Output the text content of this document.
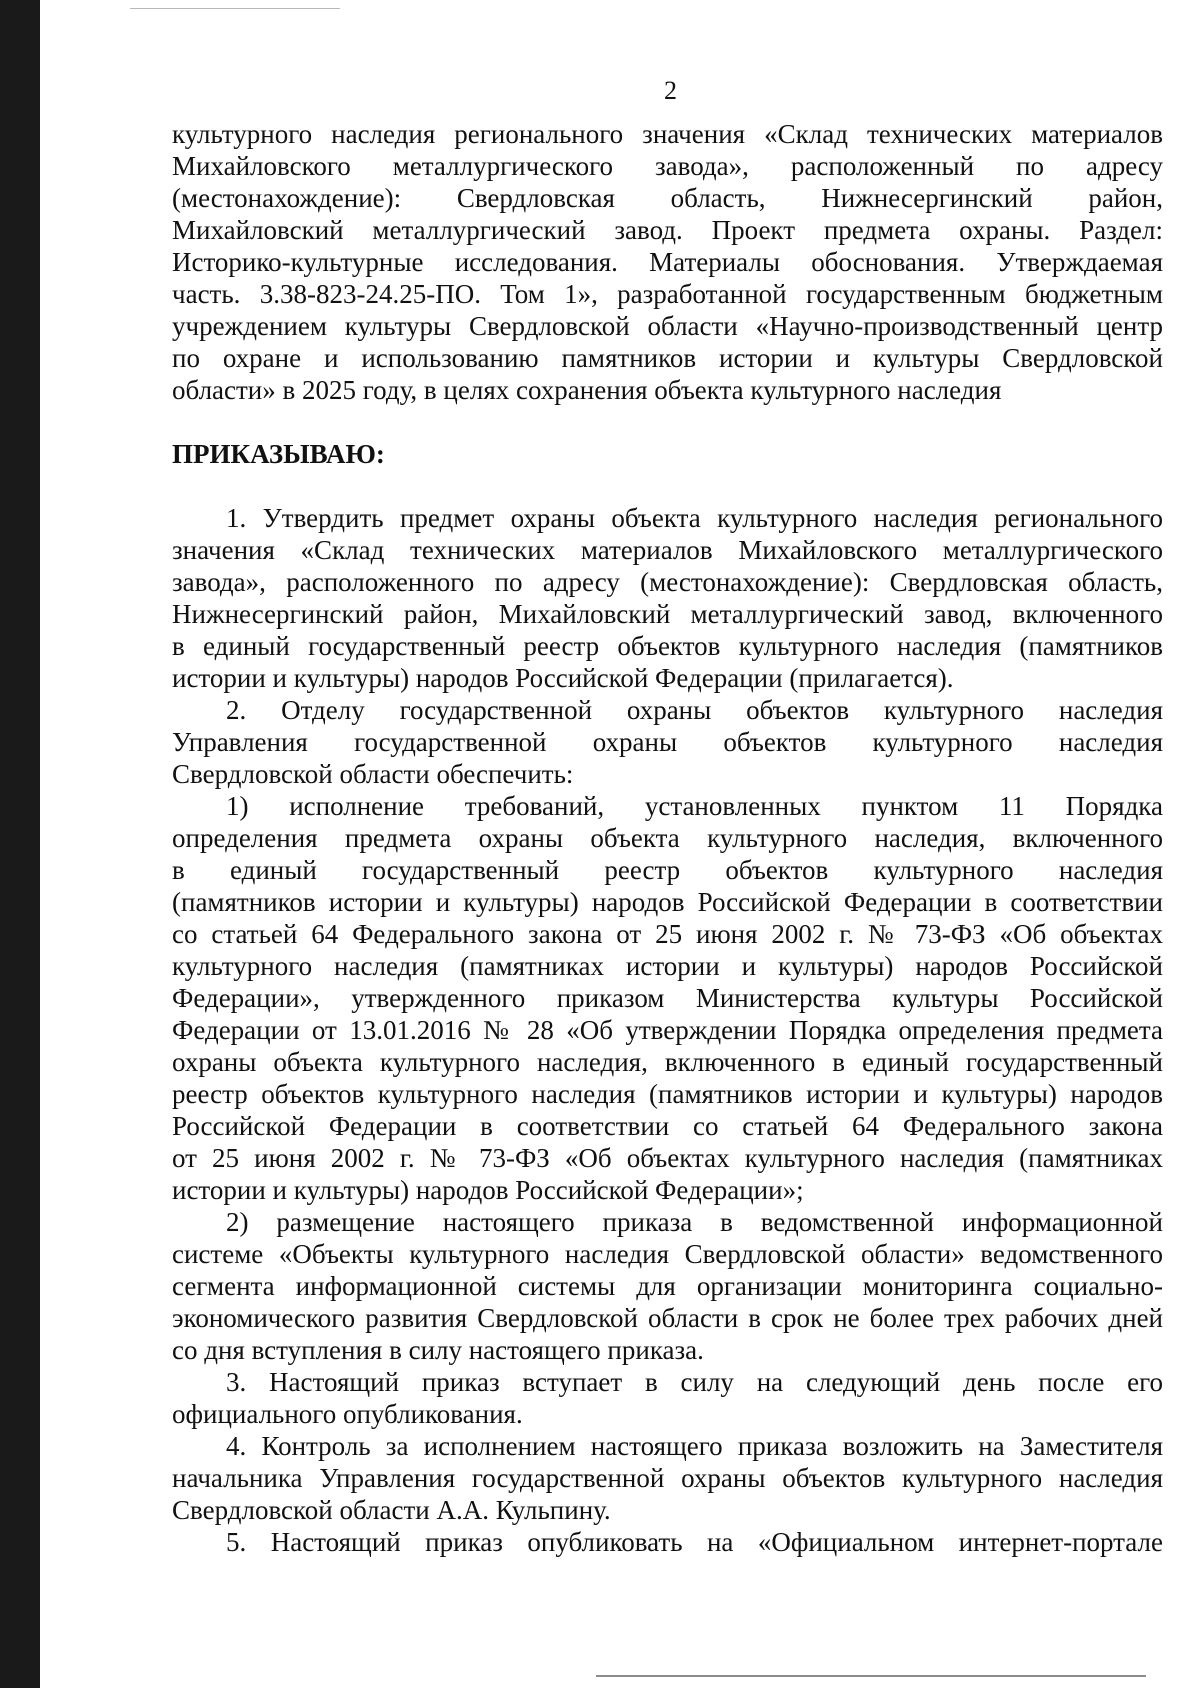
2
культурного наследия регионального значения «Склад технических материалов
Михайловского металлургического завода», расположенный по адресу
(местонахождение): Свердловская область, Нижнесергинский район,
Михайловский металлургический завод. Проект предмета охраны. Раздел:
Историко-культурные исследования. Материалы обоснования. Утверждаемая
часть. 3.38-823-24.25-ПО. Том 1», разработанной государственным бюджетным
учреждением культуры Свердловской области «Научно-производственный центр
по охране и использованию памятников истории и культуры Свердловской
области» в 2025 году, в целях сохранения объекта культурного наследия
ПРИКАЗЫВАЮ:
1. Утвердить предмет охраны объекта культурного наследия регионального
значения «Склад технических материалов Михайловского металлургического
завода», расположенного по адресу (местонахождение): Свердловская область,
Нижнесергинский район, Михайловский металлургический завод, включенного
в единый государственный реестр объектов культурного наследия (памятников
истории и культуры) народов Российской Федерации (прилагается).
2. Отделу государственной охраны объектов культурного наследия
Управления государственной охраны объектов культурного наследия
Свердловской области обеспечить:
1) исполнение требований, установленных пунктом 11 Порядка
определения предмета охраны объекта культурного наследия, включенного
в единый государственный реестр объектов культурного наследия
(памятников истории и культуры) народов Российской Федерации в соответствии
со статьей 64 Федерального закона от 25 июня 2002 г. № 73-ФЗ «Об объектах
культурного наследия (памятниках истории и культуры) народов Российской
Федерации», утвержденного приказом Министерства культуры Российской
Федерации от 13.01.2016 № 28 «Об утверждении Порядка определения предмета
охраны объекта культурного наследия, включенного в единый государственный
реестр объектов культурного наследия (памятников истории и культуры) народов
Российской Федерации в соответствии со статьей 64 Федерального закона
от 25 июня 2002 г. № 73-ФЗ «Об объектах культурного наследия (памятниках
истории и культуры) народов Российской Федерации»;
2) размещение настоящего приказа в ведомственной информационной
системе «Объекты культурного наследия Свердловской области» ведомственного
сегмента информационной системы для организации мониторинга социально-
экономического развития Свердловской области в срок не более трех рабочих дней
со дня вступления в силу настоящего приказа.
3. Настоящий приказ вступает в силу на следующий день после его
официального опубликования.
4. Контроль за исполнением настоящего приказа возложить на Заместителя
начальника Управления государственной охраны объектов культурного наследия
Свердловской области А.А. Кульпину.
5. Настоящий приказ опубликовать на «Официальном интернет-портале
